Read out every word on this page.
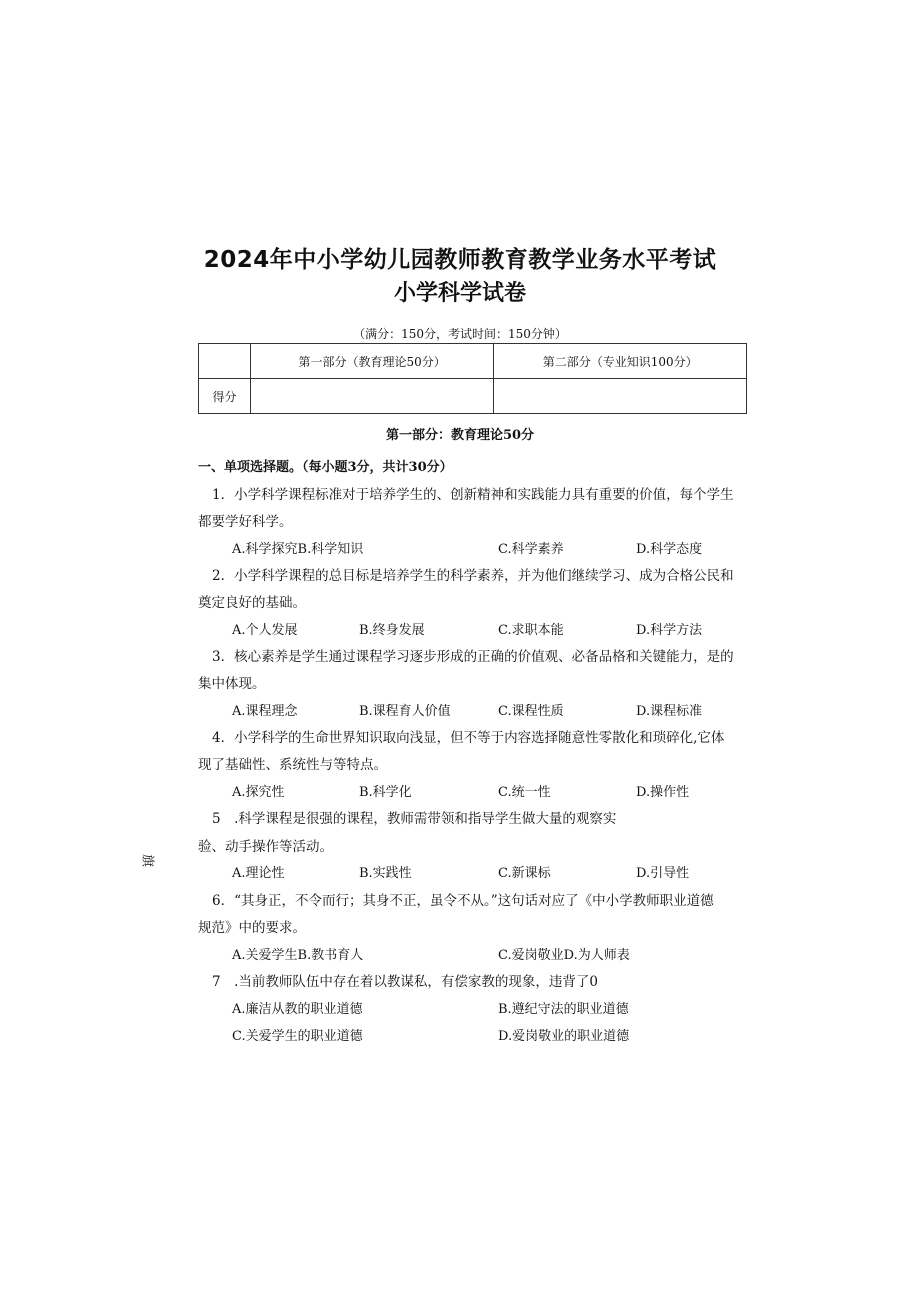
2024年中小学幼儿园教师教育教学业务水平考试
小学科学试卷
（满分：150分，考试时间：150分钟）
	第一部分（教育理论50分）	第二部分（专业知识100分）
得分		
第一部分：教育理论50分
一、单项选择题。（每小题3分，共计30分）
1．小学科学课程标准对于培养学生的、创新精神和实践能力具有重要的价值，每个学生
都要学好科学。
A.科学探究B.科学知识	C.科学素养	D.科学态度
2．小学科学课程的总目标是培养学生的科学素养，并为他们继续学习、成为合格公民和
奠定良好的基础。
A.个人发展	B.终身发展	C.求职本能	D.科学方法
3．核心素养是学生通过课程学习逐步形成的正确的价值观、必备品格和关键能力，是的
集中体现。
A.课程理念	B.课程育人价值	C.课程性质	D.课程标准
4．小学科学的生命世界知识取向浅显，但不等于内容选择随意性零散化和琐碎化,它体
现了基础性、系统性与等特点。
A.探究性	B.科学化	C.统一性	D.操作性
5　.科学课程是很强的课程，教师需带领和指导学生做大量的观察实
验、动手操作等活动。
A.理论性	B.实践性	C.新课标	D.引导性
6．“其身正，不令而行；其身不正，虽令不从。”这句话对应了《中小学教师职业道德
规范》中的要求。
A.关爱学生B.教书育人	C.爱岗敬业D.为人师表
7　.当前教师队伍中存在着以教谋私，有偿家教的现象，违背了0
A.廉洁从教的职业道德	B.遵纪守法的职业道德
C.关爱学生的职业道德	D.爱岗敬业的职业道德
旗
